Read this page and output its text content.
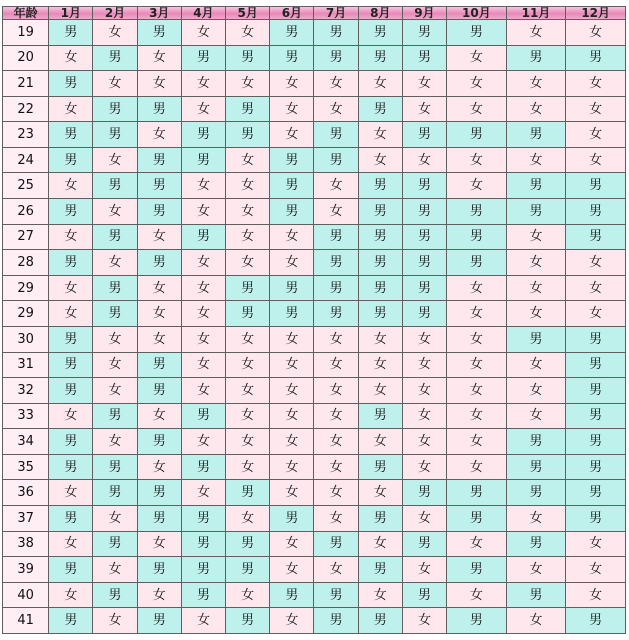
年龄	1月	2月	3月	4月	5月	6月	7月	8月	9月	10月	11月	12月
19	男	女	男	女	女	男	男	男	男	男	女	女
20	女	男	女	男	男	男	男	男	男	女	男	男
21	男	女	女	女	女	女	女	女	女	女	女	女
22	女	男	男	女	男	女	女	男	女	女	女	女
23	男	男	女	男	男	女	男	女	男	男	男	女
24	男	女	男	男	女	男	男	女	女	女	女	女
25	女	男	男	女	女	男	女	男	男	女	男	男
26	男	女	男	女	女	男	女	男	男	男	男	男
27	女	男	女	男	女	女	男	男	男	男	女	男
28	男	女	男	女	女	女	男	男	男	男	女	女
29	女	男	女	女	男	男	男	男	男	女	女	女
29	女	男	女	女	男	男	男	男	男	女	女	女
30	男	女	女	女	女	女	女	女	女	女	男	男
31	男	女	男	女	女	女	女	女	女	女	女	男
32	男	女	男	女	女	女	女	女	女	女	女	男
33	女	男	女	男	女	女	女	男	女	女	女	男
34	男	女	男	女	女	女	女	女	女	女	男	男
35	男	男	女	男	女	女	女	男	女	女	男	男
36	女	男	男	女	男	女	女	女	男	男	男	男
37	男	女	男	男	女	男	女	男	女	男	女	男
38	女	男	女	男	男	女	男	女	男	女	男	女
39	男	女	男	男	男	女	女	男	女	男	女	女
40	女	男	女	男	女	男	男	女	男	女	男	女
41	男	女	男	女	男	女	男	男	女	男	女	男
